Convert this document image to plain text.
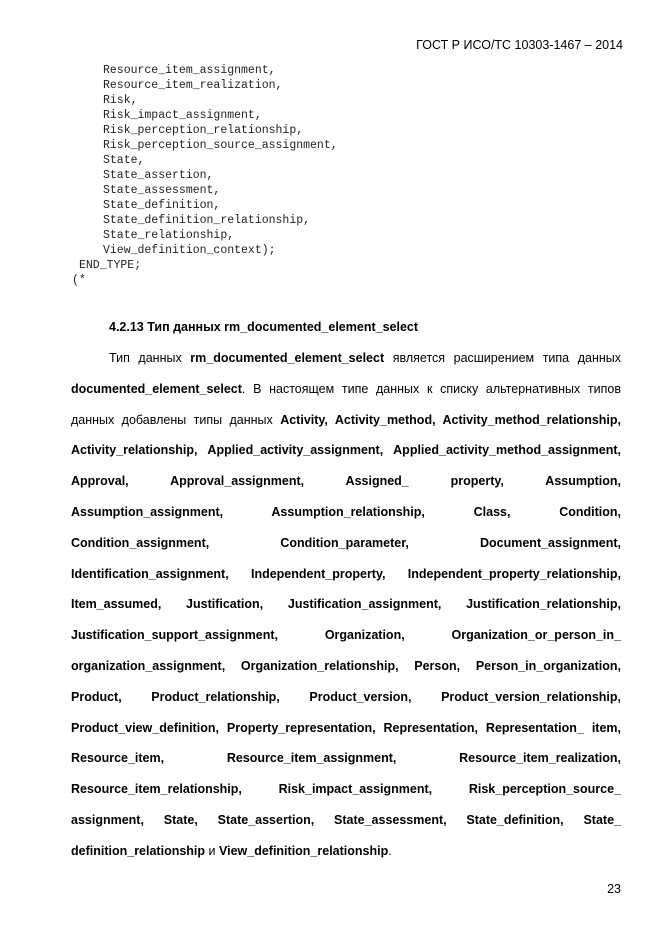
ГОСТ Р ИСО/ТС 10303-1467 – 2014
Resource_item_assignment,
Resource_item_realization,
Risk,
Risk_impact_assignment,
Risk_perception_relationship,
Risk_perception_source_assignment,
State,
State_assertion,
State_assessment,
State_definition,
State_definition_relationship,
State_relationship,
View_definition_context);
END_TYPE;
(*
4.2.13 Тип данных rm_documented_element_select
Тип данных rm_documented_element_select является расширением типа данных documented_element_select. В настоящем типе данных к списку альтернативных типов данных добавлены типы данных Activity, Activity_method, Activity_method_relationship, Activity_relationship, Applied_activity_assignment, Applied_activity_method_assignment, Approval, Approval_assignment, Assigned_ property, Assumption, Assumption_assignment, Assumption_relationship, Class, Condition, Condition_assignment, Condition_parameter, Document_assignment, Identification_assignment, Independent_property, Independent_property_relationship, Item_assumed, Justification, Justification_assignment, Justification_relationship, Justification_support_assignment, Organization, Organization_or_person_in_ organization_assignment, Organization_relationship, Person, Person_in_organization, Product, Product_relationship, Product_version, Product_version_relationship, Product_view_definition, Property_representation, Representation, Representation_ item, Resource_item, Resource_item_assignment, Resource_item_realization, Resource_item_relationship, Risk_impact_assignment, Risk_perception_source_ assignment, State, State_assertion, State_assessment, State_definition, State_ definition_relationship и View_definition_relationship.
23
